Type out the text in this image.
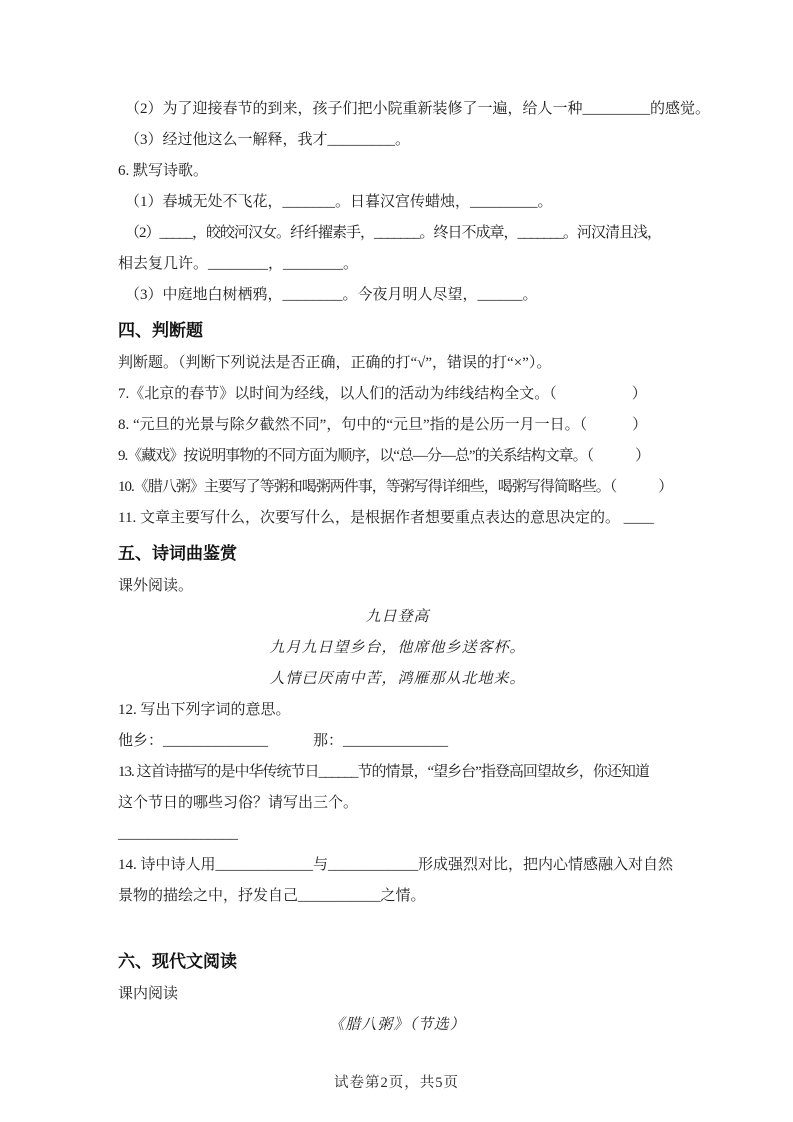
（2）为了迎接春节的到来，孩子们把小院重新装修了一遍，给人一种_________的感觉。

（3）经过他这么一解释，我才_________。

6. 默写诗歌。

（1）春城无处不飞花，_______。日暮汉宫传蜡烛，_________。

（2）_____，皎皎河汉女。纤纤擢素手，_______。终日不成章，_______。河汉清且浅，

相去复几许。________，________。

（3）中庭地白树栖鸦，________。今夜月明人尽望，______。

四、判断题

判断题。（判断下列说法是否正确，正确的打“√”，错误的打“×”）。

7.《北京的春节》以时间为经线，以人们的活动为纬线结构全文。（　　　　　）

8. “元旦的光景与除夕截然不同”，句中的“元旦”指的是公历一月一日。（　　　）

9.《藏戏》按说明事物的不同方面为顺序，以“总—分—总”的关系结构文章。（　　　）

10.《腊八粥》主要写了等粥和喝粥两件事，等粥写得详细些，喝粥写得简略些。（　　　）

11. 文章主要写什么，次要写什么，是根据作者想要重点表达的意思决定的。 ____

五、诗词曲鉴赏

课外阅读。

九日登高

九月九日望乡台，他席他乡送客杯。

人情已厌南中苦，鸿雁那从北地来。

12. 写出下列字词的意思。

他乡：______________　　　那：______________

13. 这首诗描写的是中华传统节日______节的情景，“望乡台”指登高回望故乡，你还知道

这个节日的哪些习俗？请写出三个。

________________

14. 诗中诗人用_____________与____________形成强烈对比，把内心情感融入对自然

景物的描绘之中，抒发自己___________之情。

六、现代文阅读

课内阅读

《腊八粥》（节选）

试卷第2页，共5页
